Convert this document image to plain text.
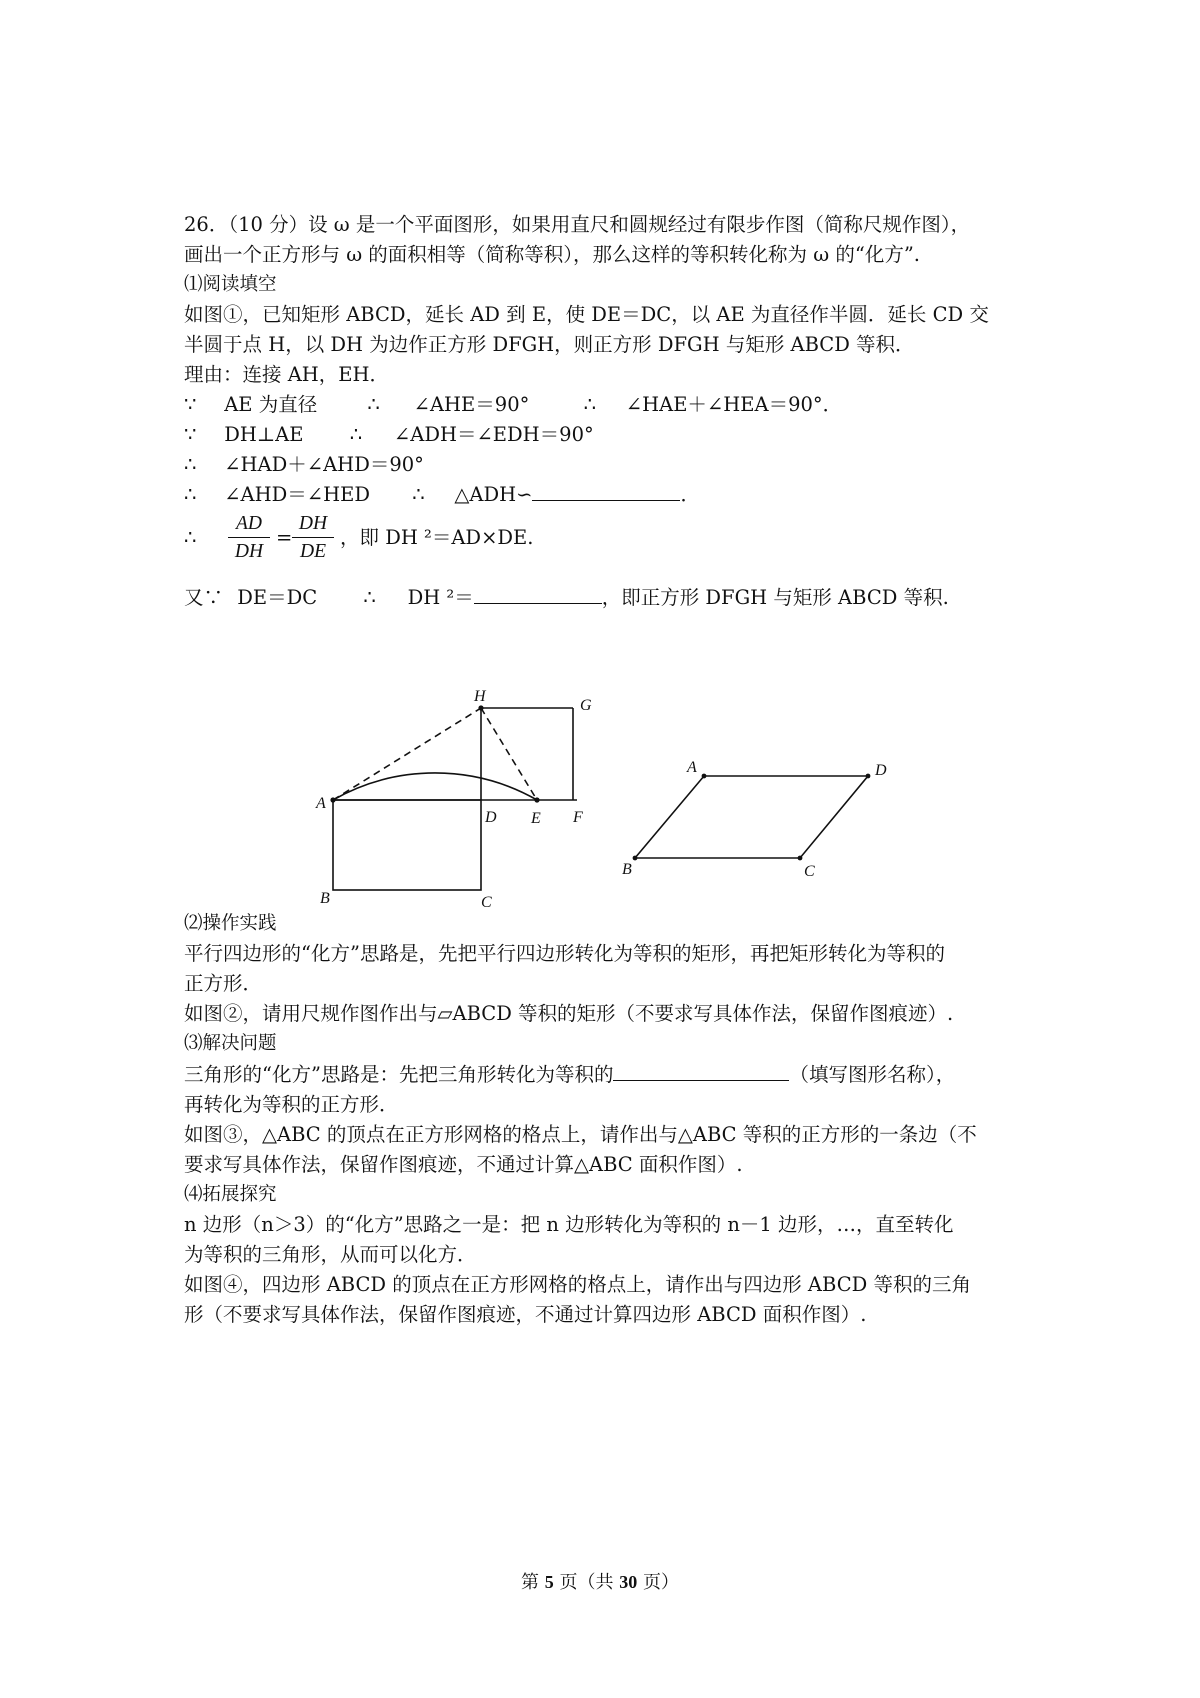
26．（10 分）设 ω 是一个平面图形，如果用直尺和圆规经过有限步作图（简称尺规作图），
画出一个正方形与 ω 的面积相等（简称等积），那么这样的等积转化称为 ω 的“化方”.
⑴阅读填空
如图①，已知矩形 ABCD，延长 AD 到 E，使 DE＝DC，以 AE 为直径作半圆．延长 CD 交
半圆于点 H，以 DH 为边作正方形 DFGH，则正方形 DFGH 与矩形 ABCD 等积．
理由：连接 AH，EH．
∵ AE 为直径	∴ ∠AHE＝90°	∴ ∠HAE＋∠HEA＝90°．
∵ DH⊥AE ∴ ∠ADH＝∠EDH＝90°
∴ ∠HAD＋∠AHD＝90°
∴ ∠AHD＝∠HED ∴ △ADH∽	．
∴ $\frac{AD}{DH} = \frac{DH}{DE}$ ，即 DH ²＝AD×DE.
又∵ DE＝DC ∴ DH ²＝	，即正方形 DFGH 与矩形 ABCD 等积.
H
G
A
D E F
B	C
A	D
B	C
⑵操作实践
平行四边形的“化方”思路是，先把平行四边形转化为等积的矩形，再把矩形转化为等积的
正方形．
如图②，请用尺规作图作出与▱ABCD 等积的矩形（不要求写具体作法，保留作图痕迹）.
⑶解决问题
三角形的“化方”思路是：先把三角形转化为等积的	（填写图形名称），
再转化为等积的正方形．
如图③，△ABC 的顶点在正方形网格的格点上，请作出与△ABC 等积的正方形的一条边（不
要求写具体作法，保留作图痕迹，不通过计算△ABC 面积作图）.
⑷拓展探究
n 边形（n＞3）的“化方”思路之一是：把 n 边形转化为等积的 n－1 边形，…，直至转化
为等积的三角形，从而可以化方．
如图④，四边形 ABCD 的顶点在正方形网格的格点上，请作出与四边形 ABCD 等积的三角
形（不要求写具体作法，保留作图痕迹，不通过计算四边形 ABCD 面积作图）.
第 5 页（共 30 页）
